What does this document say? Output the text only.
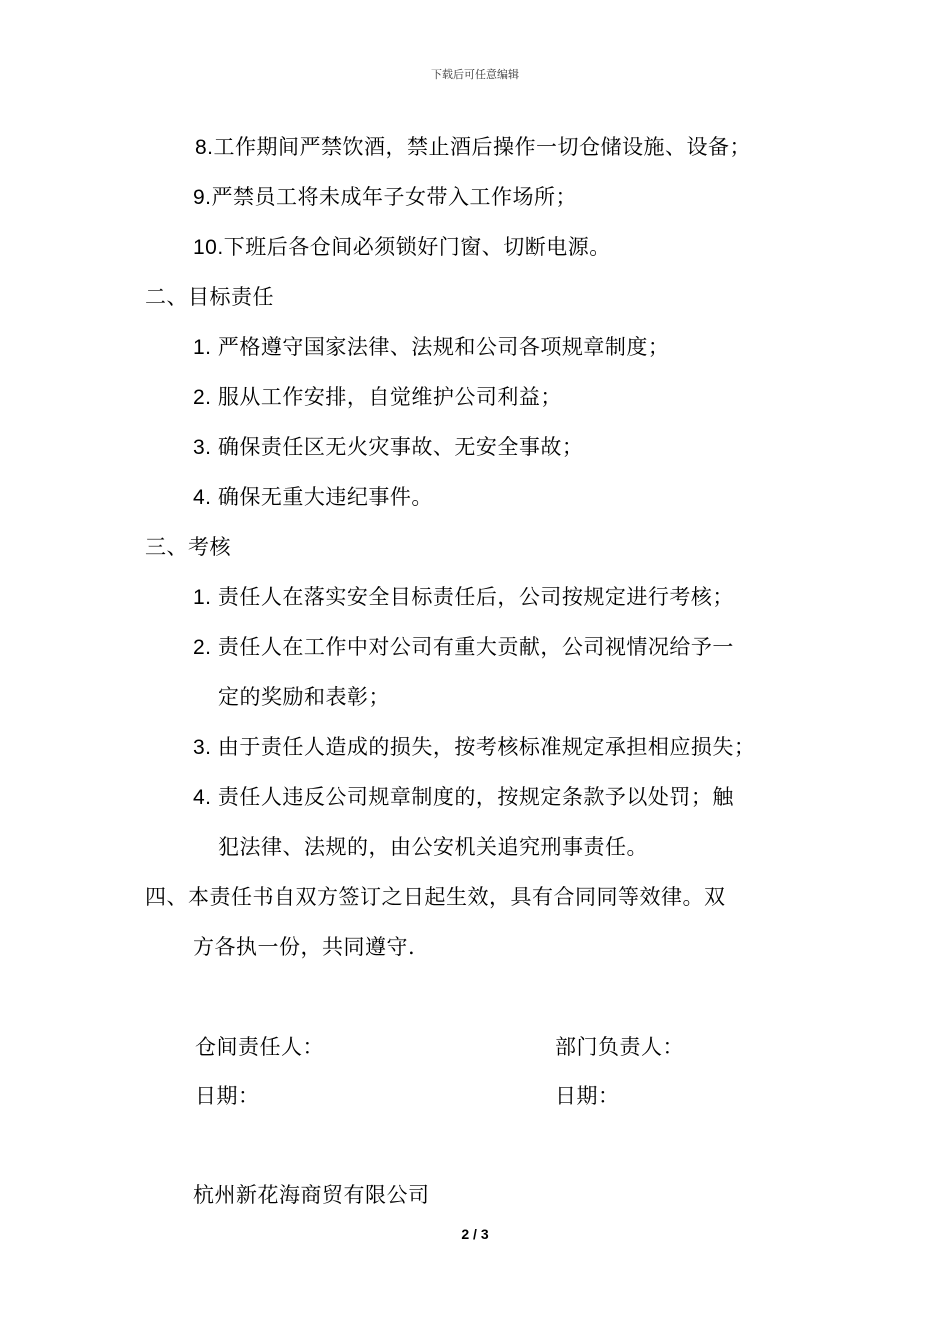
下载后可任意编辑
8.工作期间严禁饮酒，禁止酒后操作一切仓储设施、设备；
9.严禁员工将未成年子女带入工作场所；
10.下班后各仓间必须锁好门窗、切断电源。
二、目标责任
1. 严格遵守国家法律、法规和公司各项规章制度；
2. 服从工作安排，自觉维护公司利益；
3. 确保责任区无火灾事故、无安全事故；
4. 确保无重大违纪事件。
三、考核
1. 责任人在落实安全目标责任后，公司按规定进行考核；
2. 责任人在工作中对公司有重大贡献，公司视情况给予一
定的奖励和表彰；
3. 由于责任人造成的损失，按考核标准规定承担相应损失；
4. 责任人违反公司规章制度的，按规定条款予以处罚；触
犯法律、法规的，由公安机关追究刑事责任。
四、本责任书自双方签订之日起生效，具有合同同等效律。双
方各执一份，共同遵守.
仓间责任人：	部门负责人：
日期：	日期：
杭州新花海商贸有限公司
2 / 3
